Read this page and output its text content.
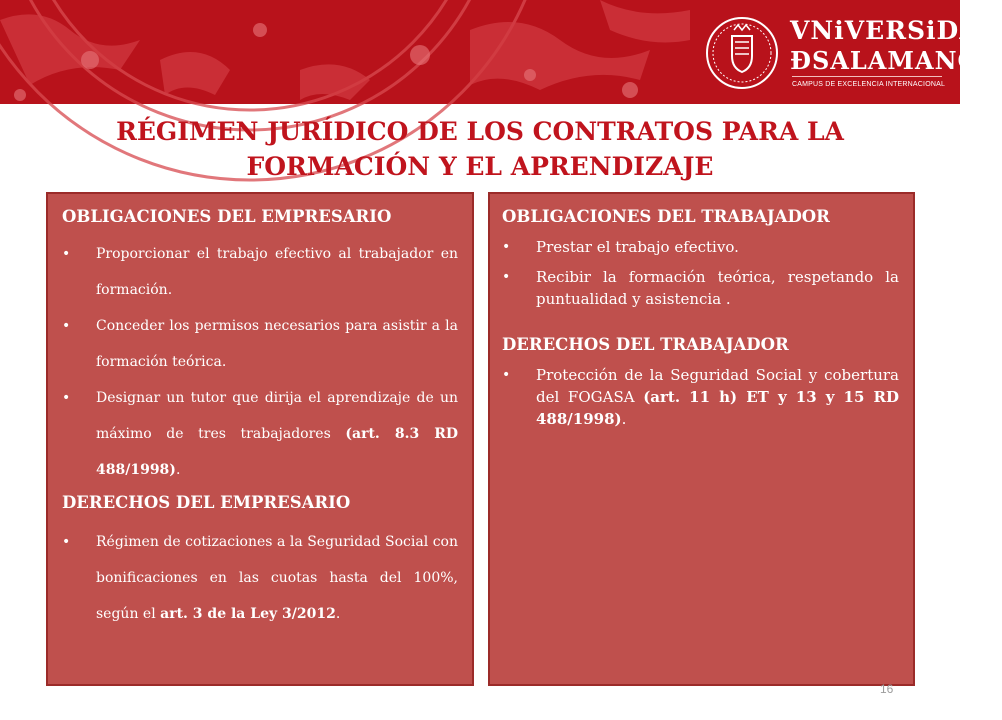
VNiVERSiDAD
ÐSALAMANCA
CAMPUS DE EXCELENCIA INTERNACIONAL
RÉGIMEN JURÍDICO DE LOS CONTRATOS PARA LA
FORMACIÓN Y EL APRENDIZAJE
OBLIGACIONES DEL EMPRESARIO
• Proporcionar el trabajo efectivo al trabajador en formación.
• Conceder los permisos necesarios para asistir a la formación teórica.
• Designar un tutor que dirija el aprendizaje de un máximo de tres trabajadores (art. 8.3 RD 488/1998).
DERECHOS DEL EMPRESARIO
• Régimen de cotizaciones a la Seguridad Social con bonificaciones en las cuotas hasta del 100%, según el art. 3 de la Ley 3/2012.
OBLIGACIONES DEL TRABAJADOR
• Prestar el trabajo efectivo.
• Recibir la formación teórica, respetando la puntualidad y asistencia .
DERECHOS DEL TRABAJADOR
• Protección de la Seguridad Social y cobertura del FOGASA (art. 11 h) ET y 13 y 15 RD 488/1998).
16
